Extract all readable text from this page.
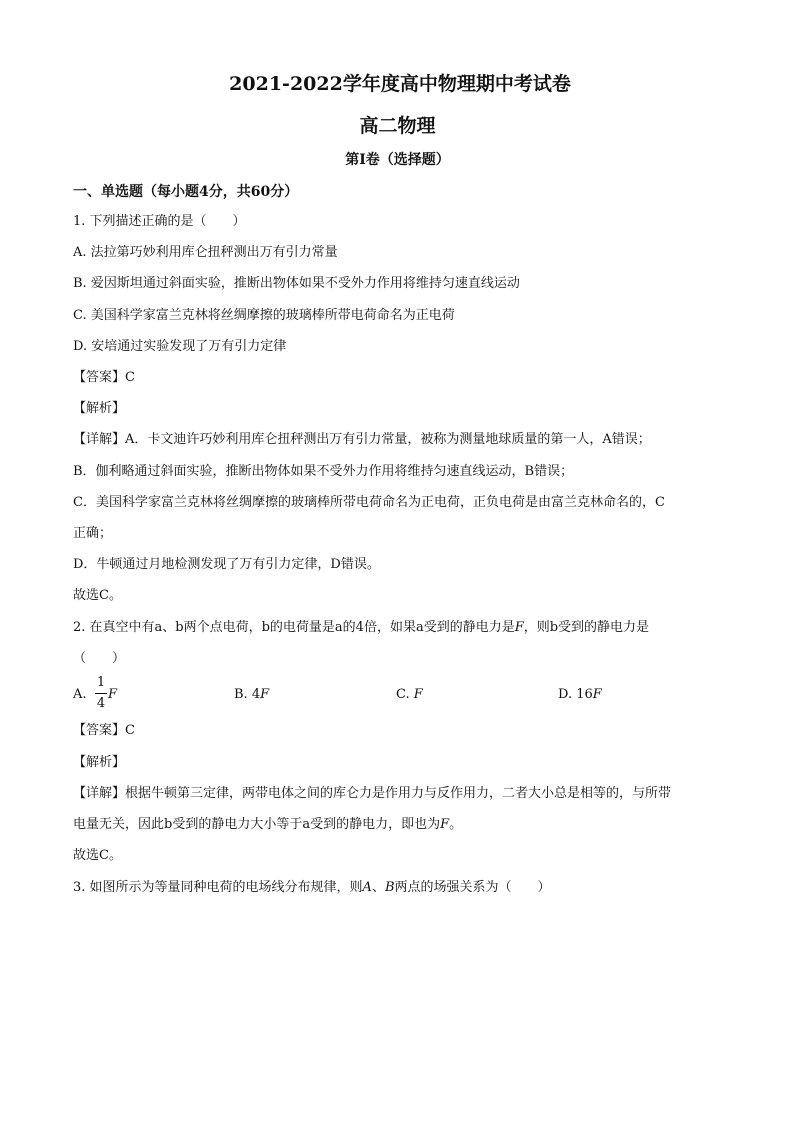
2021-2022学年度高中物理期中考试卷
高二物理
第Ⅰ卷（选择题）
一、单选题（每小题4分，共60分）
1. 下列描述正确的是（　　）
A. 法拉第巧妙利用库仑扭秤测出万有引力常量
B. 爱因斯坦通过斜面实验，推断出物体如果不受外力作用将维持匀速直线运动
C. 美国科学家富兰克林将丝绸摩擦的玻璃棒所带电荷命名为正电荷
D. 安培通过实验发现了万有引力定律
【答案】C
【解析】
【详解】A．卡文迪许巧妙利用库仑扭秤测出万有引力常量，被称为测量地球质量的第一人，A错误；
B．伽利略通过斜面实验，推断出物体如果不受外力作用将维持匀速直线运动，B错误；
C．美国科学家富兰克林将丝绸摩擦的玻璃棒所带电荷命名为正电荷，正负电荷是由富兰克林命名的，C
正确；
D．牛顿通过月地检测发现了万有引力定律，D错误。
故选C。
2. 在真空中有a、b两个点电荷，b的电荷量是a的4倍，如果a受到的静电力是F，则b受到的静电力是
（　　）
A.
1
4
F	B. 4F	C. F	D. 16F
【答案】C
【解析】
【详解】根据牛顿第三定律，两带电体之间的库仑力是作用力与反作用力，二者大小总是相等的，与所带
电量无关，因此b受到的静电力大小等于a受到的静电力，即也为F。
故选C。
3. 如图所示为等量同种电荷的电场线分布规律，则A、B两点的场强关系为（　　）
